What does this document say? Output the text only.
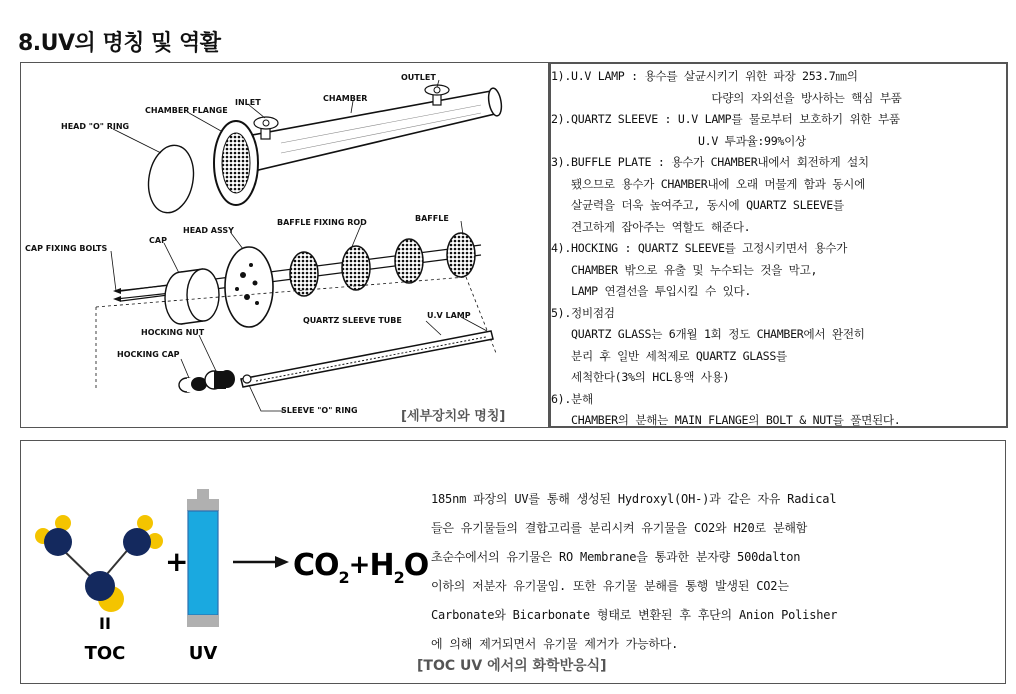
8.UV의 명칭 및 역활
OUTLET
CHAMBER
INLET
CHAMBER FLANGE
HEAD "O" RING
BAFFLE
BAFFLE FIXING ROD
HEAD ASSY
CAP
CAP FIXING BOLTS
HOCKING NUT
HOCKING CAP
QUARTZ SLEEVE TUBE
U.V LAMP
SLEEVE "O" RING	[세부장치와 명칭]
1).U.V LAMP : 용수를 살균시키기 위한 파장 253.7㎚의
다량의 자외선을 방사하는 핵심 부품
2).QUARTZ SLEEVE : U.V LAMP를 물로부터 보호하기 위한 부품
U.V 투과율:99%이상
3).BUFFLE PLATE : 용수가 CHAMBER내에서 회전하게 설치
됐으므로 용수가 CHAMBER내에 오래 머물게 함과 동시에
살균력을 더욱 높여주고, 동시에 QUARTZ SLEEVE를
견고하게 잡아주는 역할도 해준다.
4).HOCKING : QUARTZ SLEEVE를 고정시키면서 용수가
CHAMBER 밖으로 유출 및 누수되는 것을 막고,
LAMP 연결선을 투입시킬 수 있다.
5).정비점검
QUARTZ GLASS는 6개월 1회 정도 CHAMBER에서 완전히
분리 후 일반 세척제로 QUARTZ GLASS를
세척한다(3%의 HCL용액 사용)
6).분해
CHAMBER의 분해는 MAIN FLANGE의 BOLT & NUT를 풀면된다.
II
TOC
+
UV
$CO_2+H_2O$
185nm 파장의 UV를 통해 생성된 Hydroxyl(OH-)과 같은 자유 Radical
들은 유기물들의 결합고리를 분리시켜 유기물을 CO2와 H20로 분해함
초순수에서의 유기물은 RO Membrane을 통과한 분자량 500dalton
이하의 저분자 유기물임. 또한 유기물 분해를 통행 발생된 CO2는
Carbonate와 Bicarbonate 형태로 변환된 후 후단의 Anion Polisher
에 의해 제거되면서 유기물 제거가 가능하다.
[TOC UV 에서의 화학반응식]
